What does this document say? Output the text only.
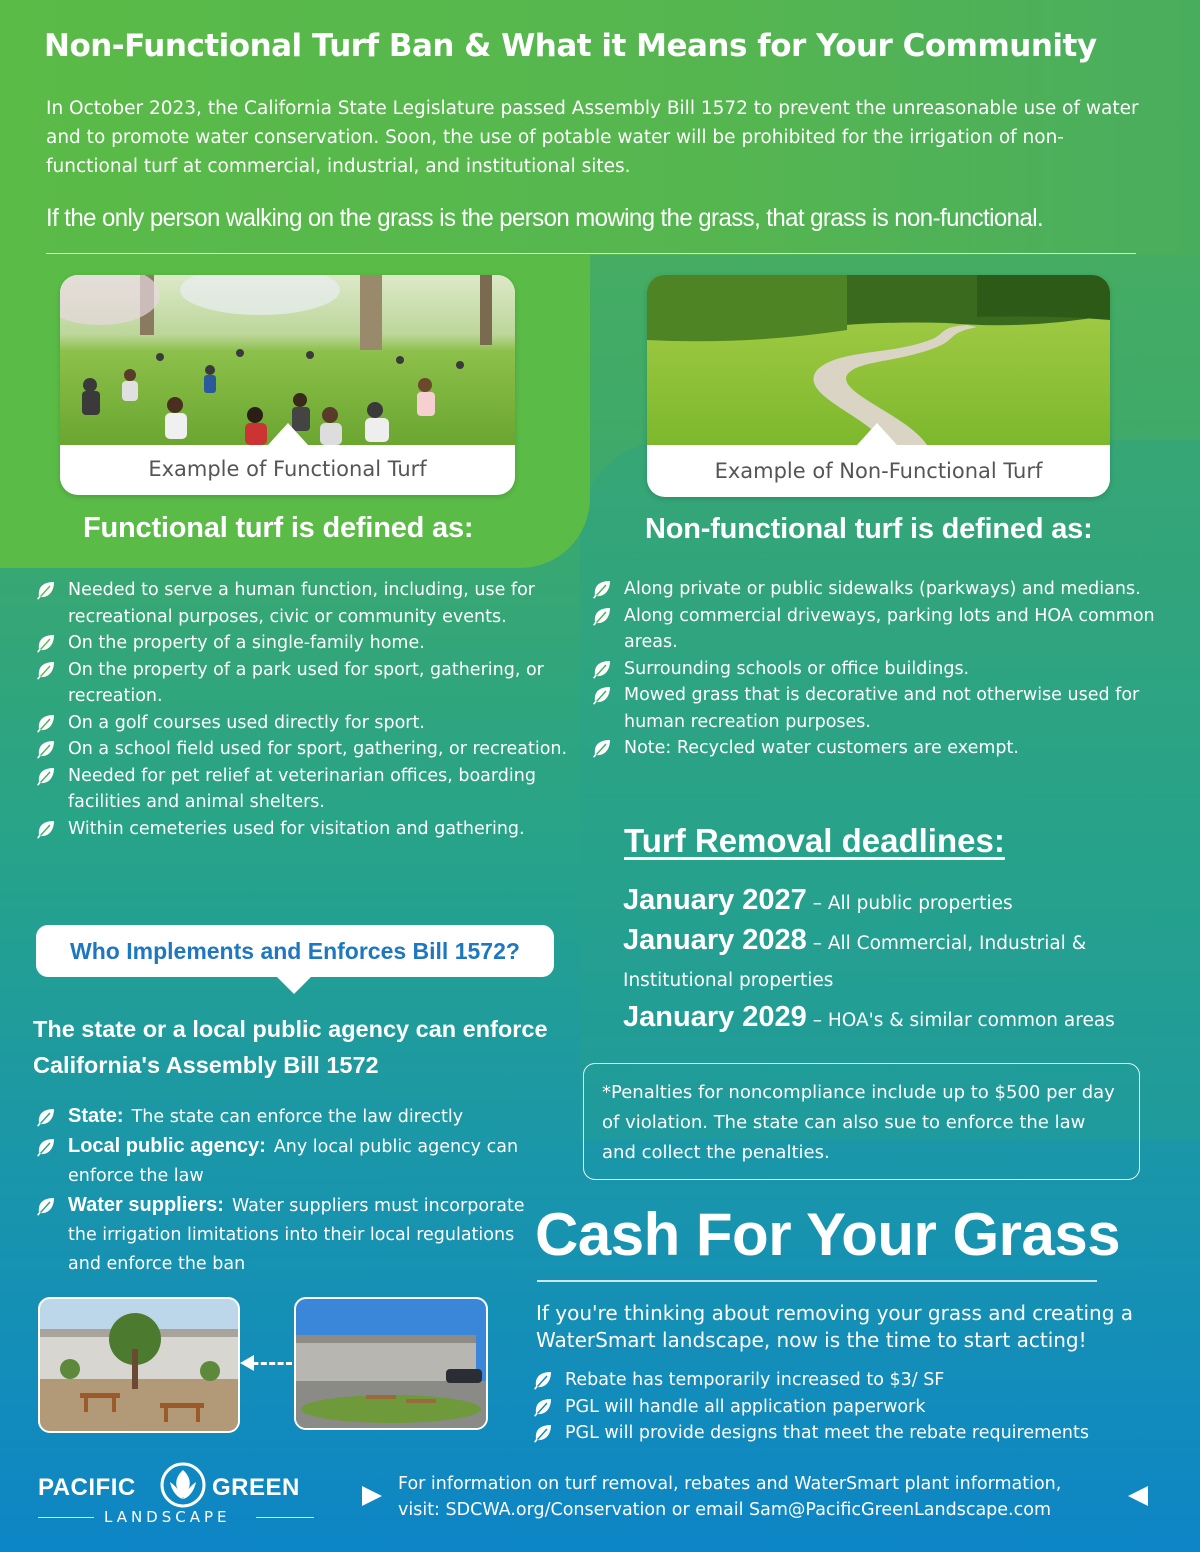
Non-Functional Turf Ban & What it Means for Your Community
In October 2023, the California State Legislature passed Assembly Bill 1572 to prevent the unreasonable use of water and to promote water conservation. Soon, the use of potable water will be prohibited for the irrigation of non-functional turf at commercial, industrial, and institutional sites.
If the only person walking on the grass is the person mowing the grass, that grass is non-functional.
Example of Functional Turf	Example of Non-Functional Turf
Functional turf is defined as:
Needed to serve a human function, including, use for recreational purposes, civic or community events.
On the property of a single-family home.
On the property of a park used for sport, gathering, or recreation.
On a golf courses used directly for sport.
On a school field used for sport, gathering, or recreation.
Needed for pet relief at veterinarian offices, boarding facilities and animal shelters.
Within cemeteries used for visitation and gathering.
Non-functional turf is defined as:
Along private or public sidewalks (parkways) and medians.
Along commercial driveways, parking lots and HOA common areas.
Surrounding schools or office buildings.
Mowed grass that is decorative and not otherwise used for human recreation purposes.
Note: Recycled water customers are exempt.
Who Implements and Enforces Bill 1572?
The state or a local public agency can enforce California's Assembly Bill 1572
State: The state can enforce the law directly
Local public agency: Any local public agency can enforce the law
Water suppliers: Water suppliers must incorporate the irrigation limitations into their local regulations and enforce the ban
Turf Removal deadlines:
January 2027 – All public properties
January 2028 – All Commercial, Industrial & Institutional properties
January 2029 – HOA's & similar common areas
*Penalties for noncompliance include up to $500 per day of violation. The state can also sue to enforce the law and collect the penalties.
Cash For Your Grass
If you're thinking about removing your grass and creating a WaterSmart landscape, now is the time to start acting!
Rebate has temporarily increased to $3/ SF
PGL will handle all application paperwork
PGL will provide designs that meet the rebate requirements
PACIFIC	GREEN
LANDSCAPE
For information on turf removal, rebates and WaterSmart plant information,
visit: SDCWA.org/Conservation or email Sam@PacificGreenLandscape.com
